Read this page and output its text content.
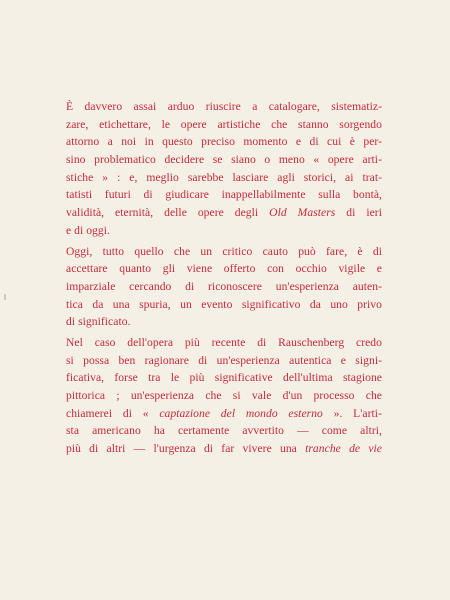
È davvero assai arduo riuscire a catalogare, sistematiz-
zare, etichettare, le opere artistiche che stanno sorgendo
attorno a noi in questo preciso momento e di cui è per-
sino problematico decidere se siano o meno « opere arti-
stiche » : e, meglio sarebbe lasciare agli storici, ai trat-
tatisti futuri di giudicare inappellabilmente sulla bontà,
validità, eternità, delle opere degli Old Masters di ieri
e di oggi.
Oggi, tutto quello che un critico cauto può fare, è di
accettare quanto gli viene offerto con occhio vigile e
imparziale cercando di riconoscere un'esperienza auten-
tica da una spuria, un evento significativo da uno privo
di significato.
Nel caso dell'opera più recente di Rauschenberg credo
si possa ben ragionare di un'esperienza autentica e signi-
ficativa, forse tra le più significative dell'ultima stagione
pittorica ; un'esperienza che si vale d'un processo che
chiamerei di « captazione del mondo esterno ». L'arti-
sta americano ha certamente avvertito — come altri,
più di altri — l'urgenza di far vivere una tranche de vie
